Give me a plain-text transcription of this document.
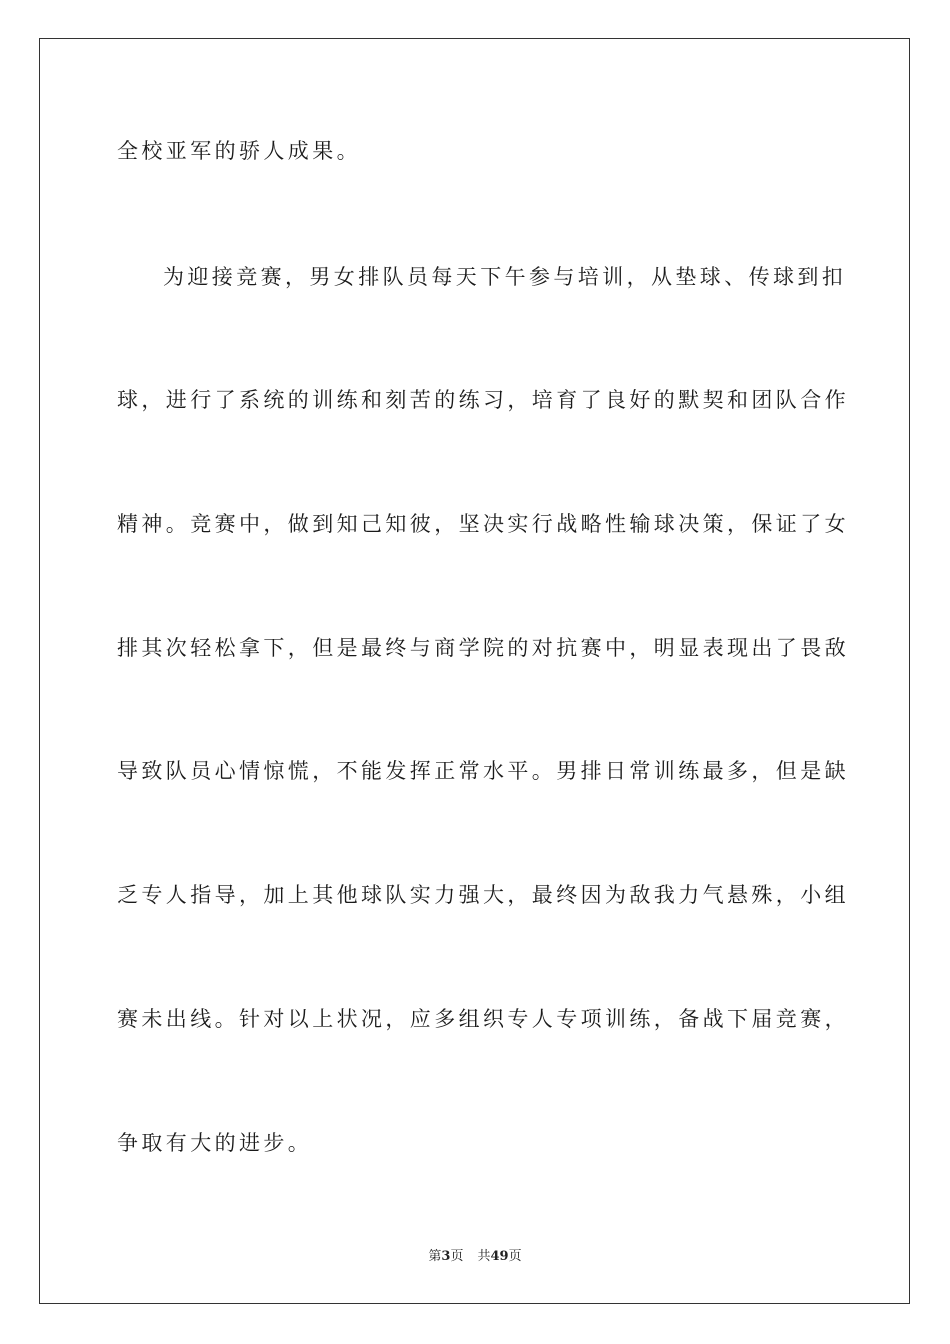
全校亚军的骄人成果。
为迎接竞赛，男女排队员每天下午参与培训，从垫球、传球到扣
球，进行了系统的训练和刻苦的练习，培育了良好的默契和团队合作
精神。竞赛中，做到知己知彼，坚决实行战略性输球决策，保证了女
排其次轻松拿下，但是最终与商学院的对抗赛中，明显表现出了畏敌
导致队员心情惊慌，不能发挥正常水平。男排日常训练最多，但是缺
乏专人指导，加上其他球队实力强大，最终因为敌我力气悬殊，小组
赛未出线。针对以上状况，应多组织专人专项训练，备战下届竞赛，
争取有大的进步。
第3页 共49页
